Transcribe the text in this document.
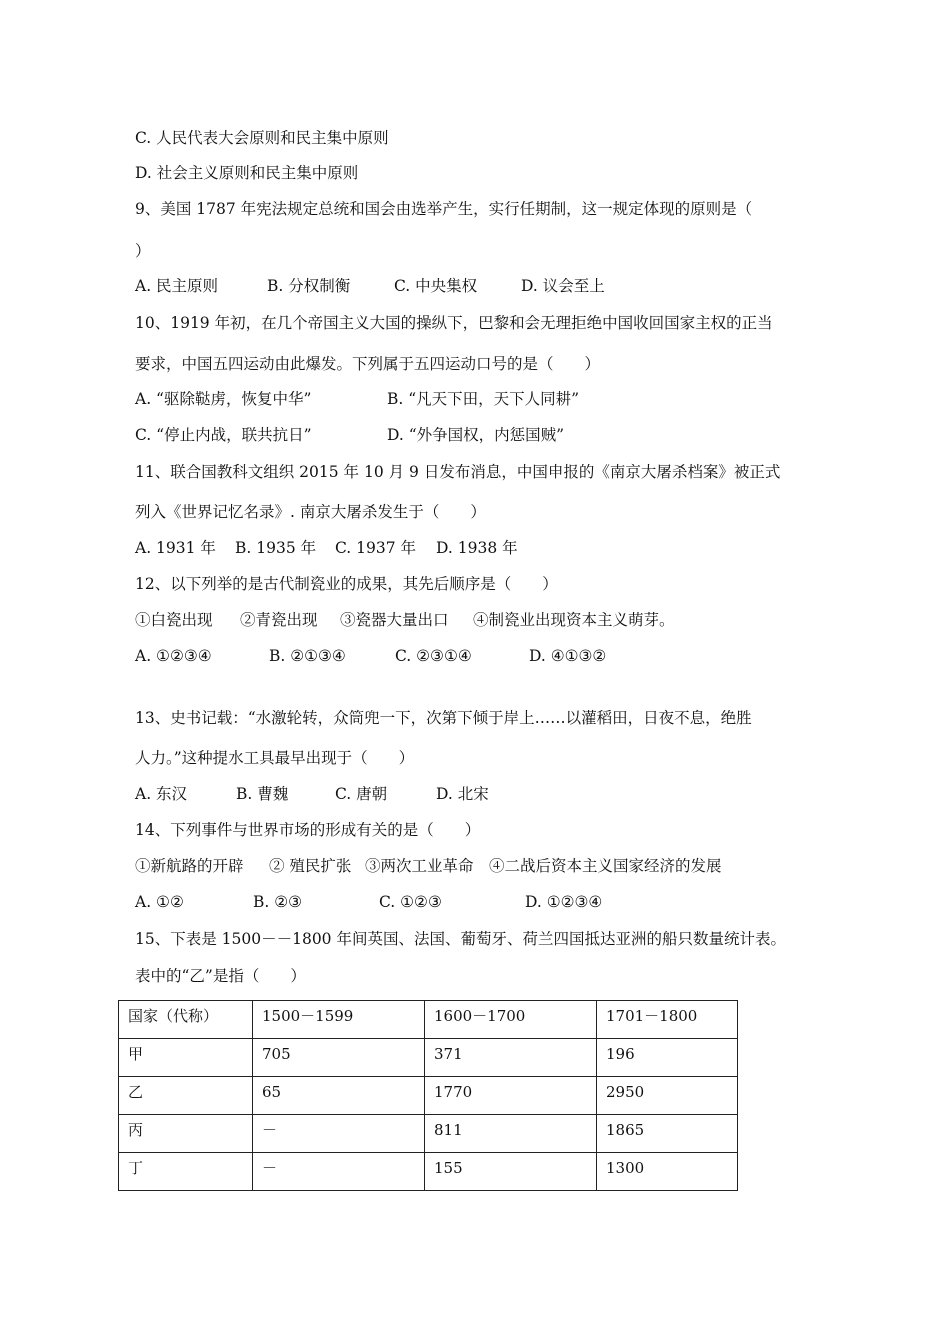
C. 人民代表大会原则和民主集中原则
D. 社会主义原则和民主集中原则
9、美国 1787 年宪法规定总统和国会由选举产生，实行任期制，这一规定体现的原则是（
）

A. 民主原则

	B. 分权制衡

	C. 中央集权

	D. 议会至上

10、1919 年初，在几个帝国主义大国的操纵下，巴黎和会无理拒绝中国收回国家主权的正当
要求，中国五四运动由此爆发。下列属于五四运动口号的是（　　）

A. “驱除鞑虏，恢复中华”

	B. “凡天下田，天下人同耕”

C. “停止内战，联共抗日”

	D. “外争国权，内惩国贼”

11、联合国教科文组织 2015 年 10 月 9 日发布消息，中国申报的《南京大屠杀档案》被正式
列入《世界记忆名录》. 南京大屠杀发生于（　　）

A. 1931 年

B. 1935 年

C. 1937 年

D. 1938 年

12、以下列举的是古代制瓷业的成果，其先后顺序是（　　）

①白瓷出现

②青瓷出现

③瓷器大量出口

④制瓷业出现资本主义萌芽。

A. ①②③④

	B. ②①③④

	C. ②③①④

	D. ④①③②

13、史书记载：“水激轮转，众筒兜一下，次第下倾于岸上……以灌稻田，日夜不息，绝胜
人力。”这种提水工具最早出现于（　　）

A. 东汉

	B. 曹魏

	C. 唐朝

	D. 北宋

14、下列事件与世界市场的形成有关的是（　　）

①新航路的开辟

② 殖民扩张

③两次工业革命

④二战后资本主义国家经济的发展

A. ①②

	B. ②③

	C. ①②③

	D. ①②③④

15、下表是 1500－－1800 年间英国、法国、葡萄牙、荷兰四国抵达亚洲的船只数量统计表。
表中的“乙”是指（　　）
国家（代称）	1500－1599	1600－1700	1701－1800
甲	705	371	196
乙	65	1770	2950
丙	－	811	1865
丁	－	155	1300
